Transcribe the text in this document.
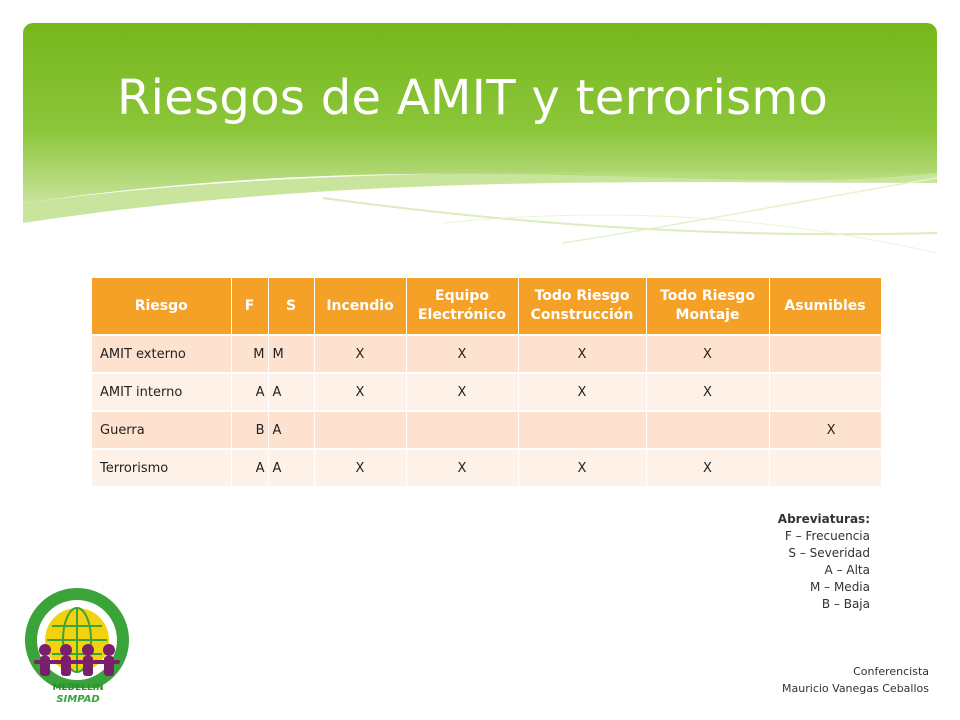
Riesgos de AMIT y terrorismo
Riesgo	F	S	Incendio	Equipo Electrónico	Todo Riesgo Construcción	Todo Riesgo Montaje	Asumibles
AMIT externo	M	M	X	X	X	X	
AMIT interno	A	A	X	X	X	X	
Guerra	B	A					X
Terrorismo	A	A	X	X	X	X	
Abreviaturas:
F – Frecuencia
S – Severidad
A – Alta
M – Media
B – Baja
Conferencista
Mauricio Vanegas Ceballos
MEDELLIN
SIMPAD
